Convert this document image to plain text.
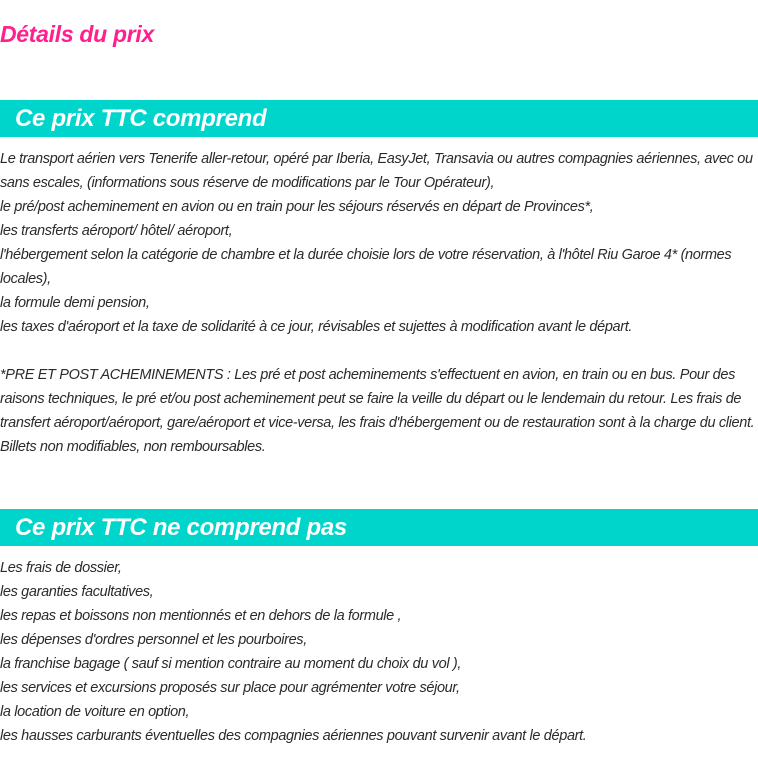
Détails du prix
Ce prix TTC comprend

Le transport aérien vers Tenerife aller-retour, opéré par Iberia, EasyJet, Transavia ou autres compagnies aériennes, avec ou sans escales, (informations sous réserve de modifications par le Tour Opérateur),

le pré/post acheminement en avion ou en train pour les séjours réservés en départ de Provinces*,

les transferts aéroport/ hôtel/ aéroport,

l'hébergement selon la catégorie de chambre et la durée choisie lors de votre réservation, à l'hôtel Riu Garoe 4* (normes locales),

la formule demi pension,

les taxes d'aéroport et la taxe de solidarité à ce jour, révisables et sujettes à modification avant le départ.

*PRE ET POST ACHEMINEMENTS : Les pré et post acheminements s'effectuent en avion, en train ou en bus. Pour des raisons techniques, le pré et/ou post acheminement peut se faire la veille du départ ou le lendemain du retour. Les frais de transfert aéroport/aéroport, gare/aéroport et vice-versa, les frais d'hébergement ou de restauration sont à la charge du client. Billets non modifiables, non remboursables.

Ce prix TTC ne comprend pas

Les frais de dossier,

les garanties facultatives,

les repas et boissons non mentionnés et en dehors de la formule ,

les dépenses d'ordres personnel et les pourboires,

la franchise bagage ( sauf si mention contraire au moment du choix du vol ),

les services et excursions proposés sur place pour agrémenter votre séjour,

la location de voiture en option,

les hausses carburants éventuelles des compagnies aériennes pouvant survenir avant le départ.
